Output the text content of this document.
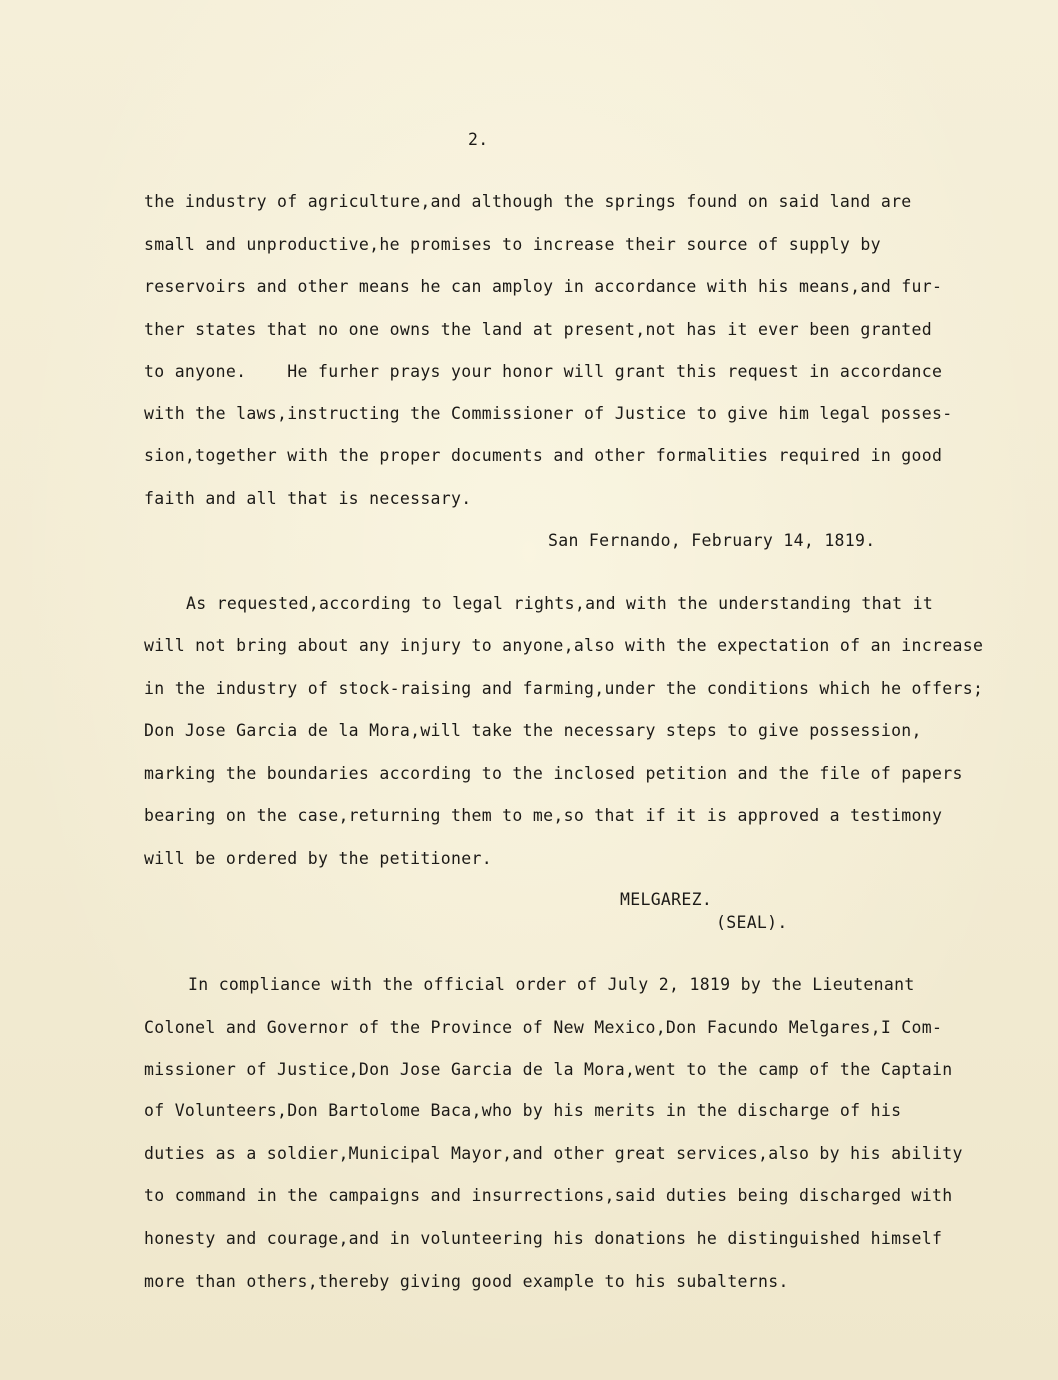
2.
the industry of agriculture,and although the springs found on said land are
small and unproductive,he promises to increase their source of supply by
reservoirs and other means he can amploy in accordance with his means,and fur-
ther states that no one owns the land at present,not has it ever been granted
to anyone.    He furher prays your honor will grant this request in accordance
with the laws,instructing the Commissioner of Justice to give him legal posses-
sion,together with the proper documents and other formalities required in good
faith and all that is necessary.
San Fernando, February 14, 1819.
As requested,according to legal rights,and with the understanding that it
will not bring about any injury to anyone,also with the expectation of an increase
in the industry of stock-raising and farming,under the conditions which he offers;
Don Jose Garcia de la Mora,will take the necessary steps to give possession,
marking the boundaries according to the inclosed petition and the file of papers
bearing on the case,returning them to me,so that if it is approved a testimony
will be ordered by the petitioner.
MELGAREZ.
(SEAL).
In compliance with the official order of July 2, 1819 by the Lieutenant
Colonel and Governor of the Province of New Mexico,Don Facundo Melgares,I Com-
missioner of Justice,Don Jose Garcia de la Mora,went to the camp of the Captain
of Volunteers,Don Bartolome Baca,who by his merits in the discharge of his
duties as a soldier,Municipal Mayor,and other great services,also by his ability
to command in the campaigns and insurrections,said duties being discharged with
honesty and courage,and in volunteering his donations he distinguished himself
more than others,thereby giving good example to his subalterns.
